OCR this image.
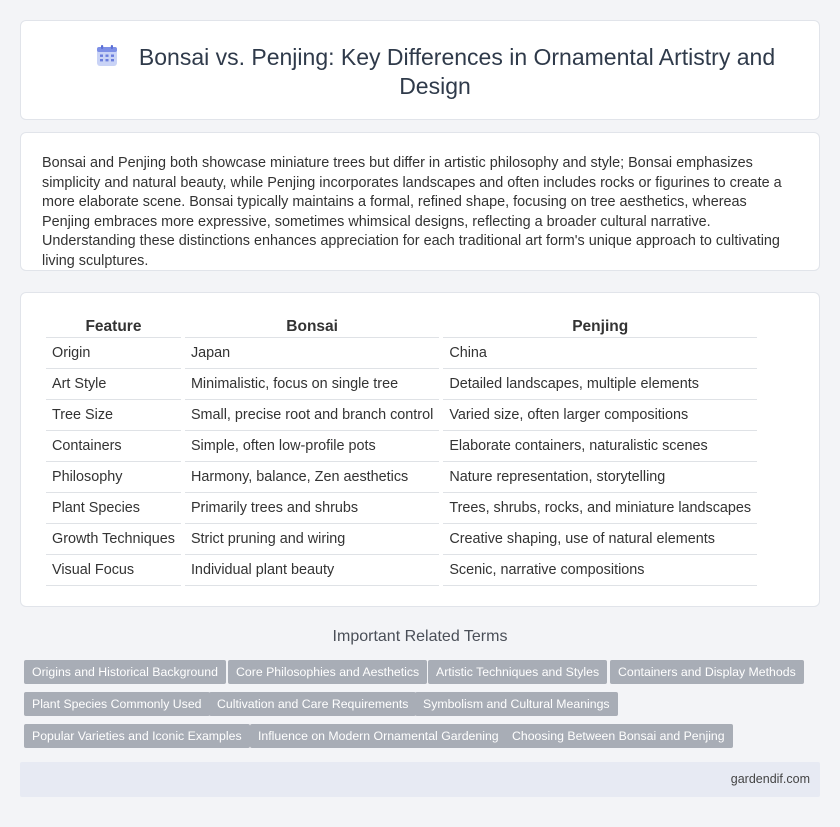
Bonsai vs. Penjing: Key Differences in Ornamental Artistry and Design

Bonsai and Penjing both showcase miniature trees but differ in artistic philosophy and style; Bonsai emphasizes simplicity and natural beauty, while Penjing incorporates landscapes and often includes rocks or figurines to create a more elaborate scene. Bonsai typically maintains a formal, refined shape, focusing on tree aesthetics, whereas Penjing embraces more expressive, sometimes whimsical designs, reflecting a broader cultural narrative. Understanding these distinctions enhances appreciation for each traditional art form's unique approach to cultivating living sculptures.

Feature	Bonsai	Penjing
Origin	Japan	China
Art Style	Minimalistic, focus on single tree	Detailed landscapes, multiple elements
Tree Size	Small, precise root and branch control	Varied size, often larger compositions
Containers	Simple, often low-profile pots	Elaborate containers, naturalistic scenes
Philosophy	Harmony, balance, Zen aesthetics	Nature representation, storytelling
Plant Species	Primarily trees and shrubs	Trees, shrubs, rocks, and miniature landscapes
Growth Techniques	Strict pruning and wiring	Creative shaping, use of natural elements
Visual Focus	Individual plant beauty	Scenic, narrative compositions
Important Related Terms
Origins and Historical Background	Core Philosophies and Aesthetics	Artistic Techniques and Styles	Containers and Display Methods
Plant Species Commonly Used	Cultivation and Care Requirements	Symbolism and Cultural Meanings
Popular Varieties and Iconic Examples	Influence on Modern Ornamental Gardening	Choosing Between Bonsai and Penjing
gardendif.com
